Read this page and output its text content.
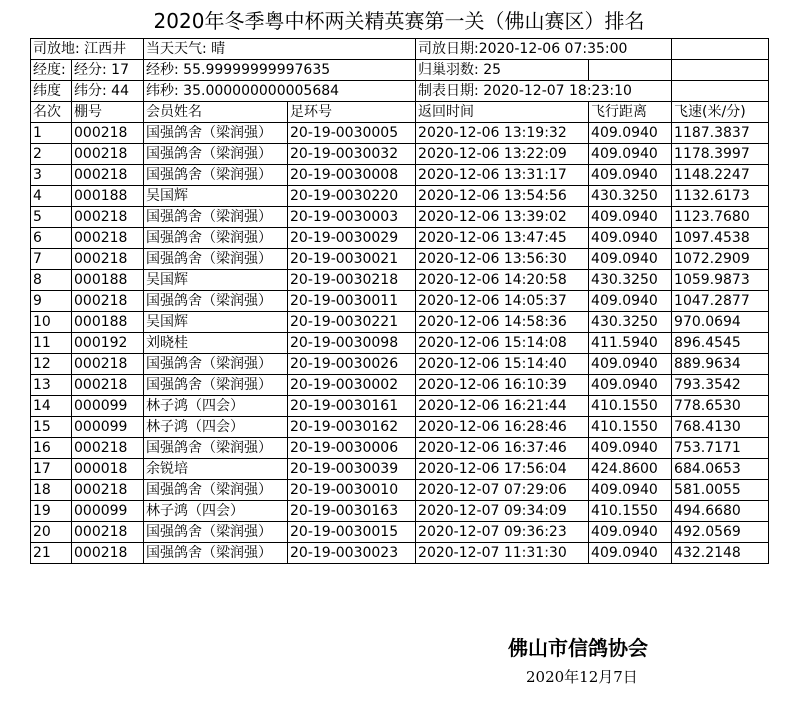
2020年冬季粤中杯两关精英赛第一关（佛山赛区）排名
司放地: 江西井		当天天气: 晴		司放日期:2020-12-06 07:35:00		
经度:	经分: 17	经秒: 55.99999999997635		归巢羽数: 25		
纬度	纬分: 44	纬秒: 35.000000000005684		制表日期: 2020-12-07 18:23:10		
名次	棚号	会员姓名	足环号	返回时间	飞行距离	飞速(米/分)
1	000218	国强鸽舍（梁润强）	20-19-0030005	2020-12-06 13:19:32	409.0940	1187.3837
2	000218	国强鸽舍（梁润强）	20-19-0030032	2020-12-06 13:22:09	409.0940	1178.3997
3	000218	国强鸽舍（梁润强）	20-19-0030008	2020-12-06 13:31:17	409.0940	1148.2247
4	000188	吴国辉	20-19-0030220	2020-12-06 13:54:56	430.3250	1132.6173
5	000218	国强鸽舍（梁润强）	20-19-0030003	2020-12-06 13:39:02	409.0940	1123.7680
6	000218	国强鸽舍（梁润强）	20-19-0030029	2020-12-06 13:47:45	409.0940	1097.4538
7	000218	国强鸽舍（梁润强）	20-19-0030021	2020-12-06 13:56:30	409.0940	1072.2909
8	000188	吴国辉	20-19-0030218	2020-12-06 14:20:58	430.3250	1059.9873
9	000218	国强鸽舍（梁润强）	20-19-0030011	2020-12-06 14:05:37	409.0940	1047.2877
10	000188	吴国辉	20-19-0030221	2020-12-06 14:58:36	430.3250	970.0694
11	000192	刘晓桂	20-19-0030098	2020-12-06 15:14:08	411.5940	896.4545
12	000218	国强鸽舍（梁润强）	20-19-0030026	2020-12-06 15:14:40	409.0940	889.9634
13	000218	国强鸽舍（梁润强）	20-19-0030002	2020-12-06 16:10:39	409.0940	793.3542
14	000099	林子鸿（四会）	20-19-0030161	2020-12-06 16:21:44	410.1550	778.6530
15	000099	林子鸿（四会）	20-19-0030162	2020-12-06 16:28:46	410.1550	768.4130
16	000218	国强鸽舍（梁润强）	20-19-0030006	2020-12-06 16:37:46	409.0940	753.7171
17	000018	余锐培	20-19-0030039	2020-12-06 17:56:04	424.8600	684.0653
18	000218	国强鸽舍（梁润强）	20-19-0030010	2020-12-07 07:29:06	409.0940	581.0055
19	000099	林子鸿（四会）	20-19-0030163	2020-12-07 09:34:09	410.1550	494.6680
20	000218	国强鸽舍（梁润强）	20-19-0030015	2020-12-07 09:36:23	409.0940	492.0569
21	000218	国强鸽舍（梁润强）	20-19-0030023	2020-12-07 11:31:30	409.0940	432.2148
佛山市信鸽协会
2020年12月7日
